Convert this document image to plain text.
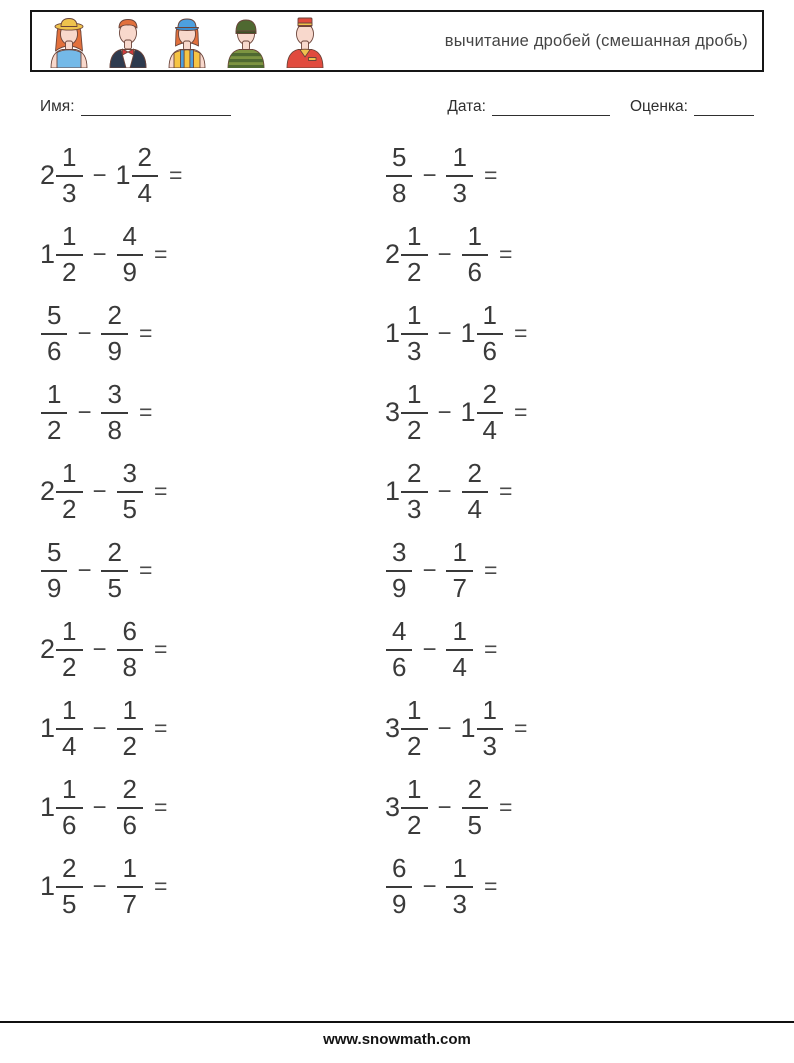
вычитание дробей (смешанная дробь)
Имя:	Дата:	Оценка:
$2 \frac{1}{3} - 1 \frac{2}{4}$ =	$\frac{5}{8} - \frac{1}{3}$ =
$1 \frac{1}{2} - \frac{4}{9}$ =	$2 \frac{1}{2} - \frac{1}{6}$ =
$\frac{5}{6} - \frac{2}{9}$ =	$1 \frac{1}{3} - 1 \frac{1}{6}$ =
$\frac{1}{2} - \frac{3}{8}$ =	$3 \frac{1}{2} - 1 \frac{2}{4}$ =
$2 \frac{1}{2} - \frac{3}{5}$ =	$1 \frac{2}{3} - \frac{2}{4}$ =
$\frac{5}{9} - \frac{2}{5}$ =	$\frac{3}{9} - \frac{1}{7}$ =
$2 \frac{1}{2} - \frac{6}{8}$ =	$\frac{4}{6} - \frac{1}{4}$ =
$1 \frac{1}{4} - \frac{1}{2}$ =	$3 \frac{1}{2} - 1 \frac{1}{3}$ =
$1 \frac{1}{6} - \frac{2}{6}$ =	$3 \frac{1}{2} - \frac{2}{5}$ =
$1 \frac{2}{5} - \frac{1}{7}$ =	$\frac{6}{9} - \frac{1}{3}$ =
www.snowmath.com
